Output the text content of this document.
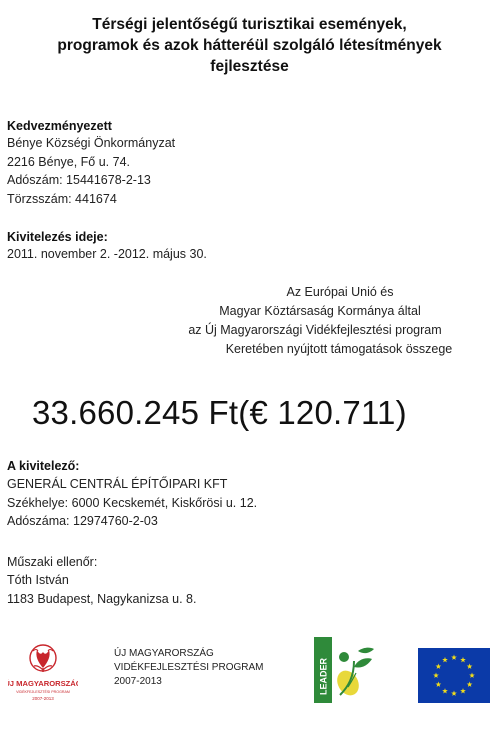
Térségi jelentőségű turisztikai események,
programok és azok hátteréül szolgáló létesítmények
fejlesztése
Kedvezményezett
Bénye Községi Önkormányzat
2216 Bénye, Fő u. 74.
Adószám: 15441678-2-13
Törzsszám: 441674
Kivitelezés ideje:
2011. november 2. -2012. május 30.
Az Európai Unió és
Magyar Köztársaság Kormánya által
az Új Magyarországi Vidékfejlesztési program
Keretében nyújtott támogatások összege
33.660.245 Ft(€ 120.711)
A kivitelező:
GENERÁL CENTRÁL ÉPÍTŐIPARI KFT
Székhelye: 6000 Kecskemét, Kiskőrösi u. 12.
Adószáma: 12974760-2-03
Műszaki ellenőr:
Tóth István
1183 Budapest, Nagykanizsa u. 8.
ÚJ MAGYARORSZÁG
VIDÉKFEJLESZTÉSI PROGRAM
2007-2013
ÚJ MAGYARORSZÁG
VIDÉKFEJLESZTÉSI PROGRAM
2007-2013	LEADER
